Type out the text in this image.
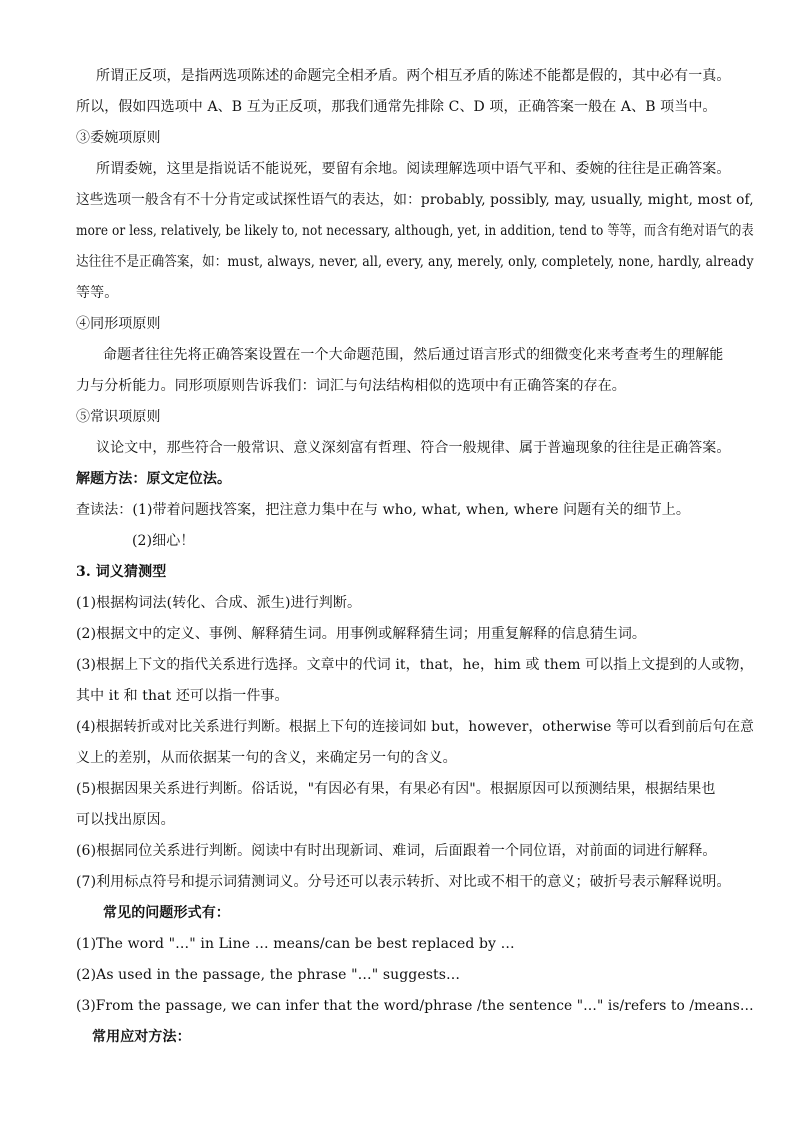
所谓正反项，是指两选项陈述的命题完全相矛盾。两个相互矛盾的陈述不能都是假的，其中必有一真。
所以，假如四选项中 A、B 互为正反项，那我们通常先排除 C、D 项，正确答案一般在 A、B 项当中。
③委婉项原则
所谓委婉，这里是指说话不能说死，要留有余地。阅读理解选项中语气平和、委婉的往往是正确答案。
这些选项一般含有不十分肯定或试探性语气的表达，如：probably, possibly, may, usually, might, most of,
more or less, relatively, be likely to, not necessary, although, yet, in addition, tend to 等等，而含有绝对语气的表
达往往不是正确答案，如：must, always, never, all, every, any, merely, only, completely, none, hardly, already
等等。
④同形项原则
命题者往往先将正确答案设置在一个大命题范围，然后通过语言形式的细微变化来考查考生的理解能
力与分析能力。同形项原则告诉我们：词汇与句法结构相似的选项中有正确答案的存在。
⑤常识项原则
议论文中，那些符合一般常识、意义深刻富有哲理、符合一般规律、属于普遍现象的往往是正确答案。
解题方法：原文定位法。
查读法：(1)带着问题找答案，把注意力集中在与 who, what, when, where 问题有关的细节上。
(2)细心！
3. 词义猜测型
(1)根据构词法(转化、合成、派生)进行判断。
(2)根据文中的定义、事例、解释猜生词。用事例或解释猜生词；用重复解释的信息猜生词。
(3)根据上下文的指代关系进行选择。文章中的代词 it，that，he，him 或 them 可以指上文提到的人或物，
其中 it 和 that 还可以指一件事。
(4)根据转折或对比关系进行判断。根据上下句的连接词如 but，however，otherwise 等可以看到前后句在意
义上的差别，从而依据某一句的含义，来确定另一句的含义。
(5)根据因果关系进行判断。俗话说，"有因必有果，有果必有因"。根据原因可以预测结果，根据结果也
可以找出原因。
(6)根据同位关系进行判断。阅读中有时出现新词、难词，后面跟着一个同位语，对前面的词进行解释。
(7)利用标点符号和提示词猜测词义。分号还可以表示转折、对比或不相干的意义；破折号表示解释说明。
常见的问题形式有：
(1)The word "…" in Line … means/can be best replaced by …
(2)As used in the passage, the phrase "…" suggests…
(3)From the passage, we can infer that the word/phrase /the sentence "…" is/refers to /means…
常用应对方法：
